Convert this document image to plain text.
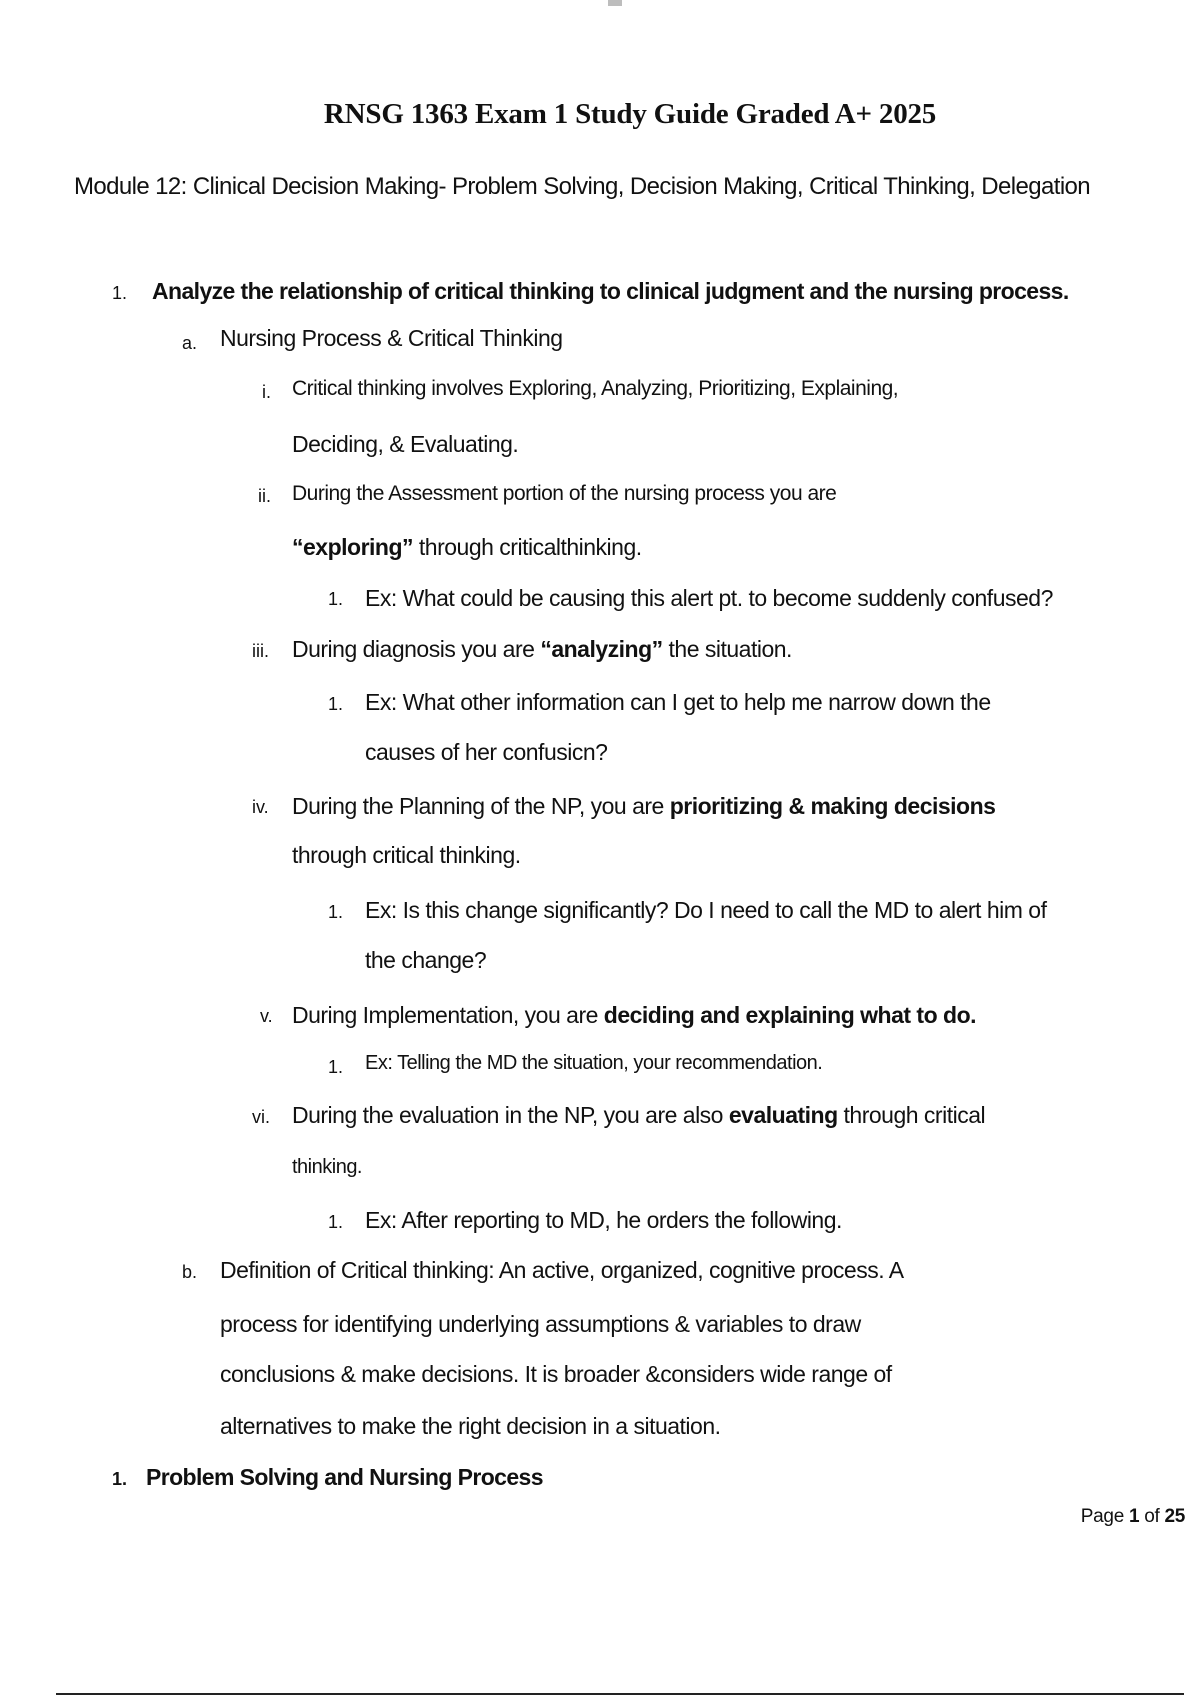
RNSG 1363 Exam 1 Study Guide Graded A+ 2025
Module 12: Clinical Decision Making- Problem Solving, Decision Making, Critical Thinking, Delegation
1. Analyze the relationship of critical thinking to clinical judgment and the nursing process.
a. Nursing Process & Critical Thinking
i. Critical thinking involves Exploring, Analyzing, Prioritizing, Explaining,
Deciding, & Evaluating.
ii. During the Assessment portion of the nursing process you are
“exploring” through criticalthinking.
1. Ex: What could be causing this alert pt. to become suddenly confused?
iii. During diagnosis you are “analyzing” the situation.
1. Ex: What other information can I get to help me narrow down the
causes of her confusicn?
iv. During the Planning of the NP, you are prioritizing & making decisions
through critical thinking.
1. Ex: Is this change significantly? Do I need to call the MD to alert him of
the change?
v. During Implementation, you are deciding and explaining what to do.
1. Ex: Telling the MD the situation, your recommendation.
vi. During the evaluation in the NP, you are also evaluating through critical
thinking.
1. Ex: After reporting to MD, he orders the following.
b. Definition of Critical thinking: An active, organized, cognitive process. A
process for identifying underlying assumptions & variables to draw
conclusions & make decisions. It is broader &considers wide range of
alternatives to make the right decision in a situation.
1. Problem Solving and Nursing Process
Page 1 of 25
